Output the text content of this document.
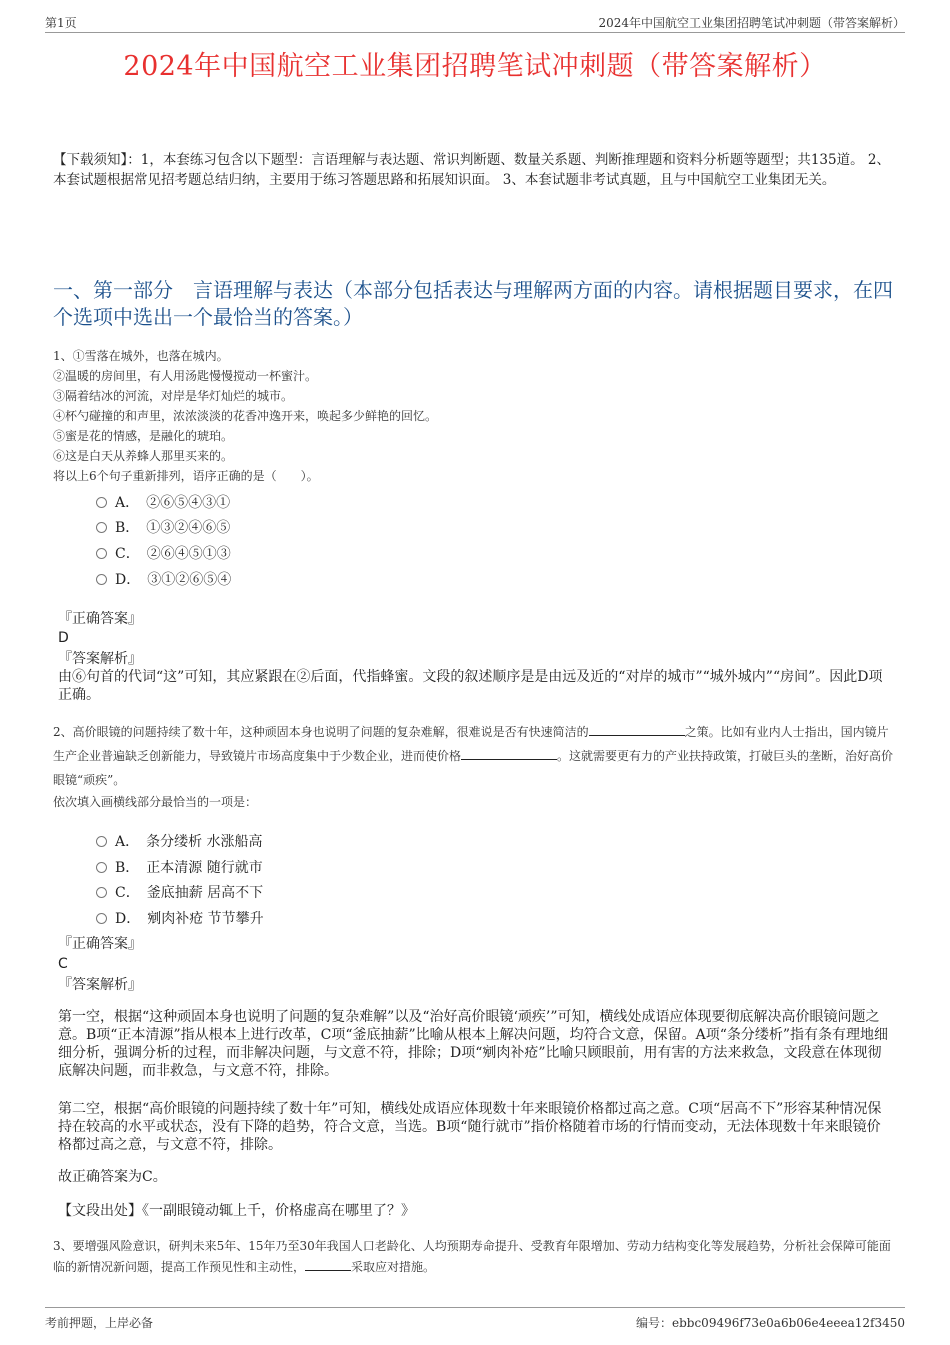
第1页	2024年中国航空工业集团招聘笔试冲刺题（带答案解析）
2024年中国航空工业集团招聘笔试冲刺题（带答案解析）
【下载须知】：1，本套练习包含以下题型：言语理解与表达题、常识判断题、数量关系题、判断推理题和资料分析题等题型；共135道。 2、本套试题根据常见招考题总结归纳，主要用于练习答题思路和拓展知识面。 3、本套试题非考试真题，且与中国航空工业集团无关。
一、第一部分　言语理解与表达（本部分包括表达与理解两方面的内容。请根据题目要求，在四个选项中选出一个最恰当的答案。）
1、①雪落在城外，也落在城内。
②温暖的房间里，有人用汤匙慢慢搅动一杯蜜汁。
③隔着结冰的河流，对岸是华灯灿烂的城市。
④杯勺碰撞的和声里，浓浓淡淡的花香冲逸开来，唤起多少鲜艳的回忆。
⑤蜜是花的情感，是融化的琥珀。
⑥这是白天从养蜂人那里买来的。
将以上6个句子重新排列，语序正确的是（　　）。
A．　②⑥⑤④③①
B．　①③②④⑥⑤
C．　②⑥④⑤①③
D．　③①②⑥⑤④
『正确答案』
D
『答案解析』
由⑥句首的代词“这”可知，其应紧跟在②后面，代指蜂蜜。文段的叙述顺序是是由远及近的“对岸的城市”“城外城内”“房间”。因此D项正确。
2、高价眼镜的问题持续了数十年，这种顽固本身也说明了问题的复杂难解，很难说是否有快速简洁的	之策。比如有业内人士指出，国内镜片生产企业普遍缺乏创新能力，导致镜片市场高度集中于少数企业，进而使价格	。这就需要更有力的产业扶持政策，打破巨头的垄断，治好高价眼镜“顽疾”。
依次填入画横线部分最恰当的一项是：
A．　条分缕析 水涨船高
B．　正本清源 随行就市
C．　釜底抽薪 居高不下
D．　剜肉补疮 节节攀升
『正确答案』
C
『答案解析』
第一空，根据“这种顽固本身也说明了问题的复杂难解”以及“治好高价眼镜‘顽疾’”可知，横线处成语应体现要彻底解决高价眼镜问题之意。B项“正本清源”指从根本上进行改革，C项“釜底抽薪”比喻从根本上解决问题，均符合文意，保留。A项“条分缕析”指有条有理地细细分析，强调分析的过程，而非解决问题，与文意不符，排除；D项“剜肉补疮”比喻只顾眼前，用有害的方法来救急，文段意在体现彻底解决问题，而非救急，与文意不符，排除。
第二空，根据“高价眼镜的问题持续了数十年”可知，横线处成语应体现数十年来眼镜价格都过高之意。C项“居高不下”形容某种情况保持在较高的水平或状态，没有下降的趋势，符合文意，当选。B项“随行就市”指价格随着市场的行情而变动，无法体现数十年来眼镜价格都过高之意，与文意不符，排除。
故正确答案为C。
【文段出处】《一副眼镜动辄上千，价格虚高在哪里了？》
3、要增强风险意识，研判未来5年、15年乃至30年我国人口老龄化、人均预期寿命提升、受教育年限增加、劳动力结构变化等发展趋势，分析社会保障可能面临的新情况新问题，提高工作预见性和主动性，	采取应对措施。
考前押题，上岸必备	编号：ebbc09496f73e0a6b06e4eeea12f3450
